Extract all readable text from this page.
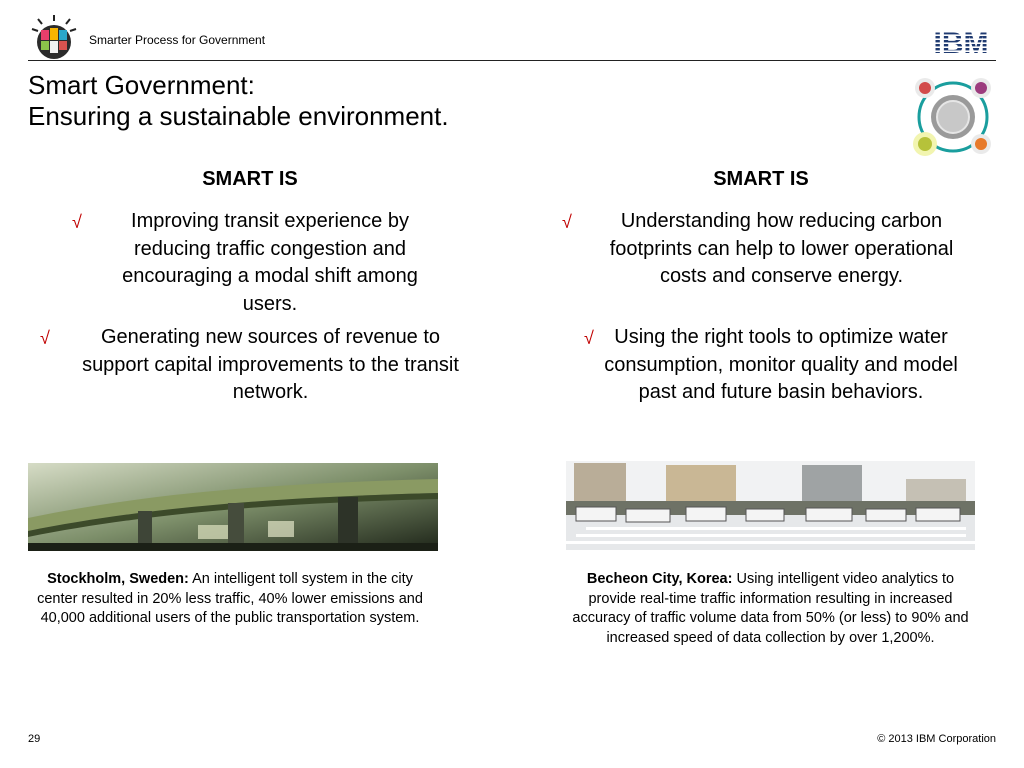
Smarter Process for Government	IBM
Smart Government:
Ensuring a sustainable environment.
SMART IS
√	Improving transit experience by reducing traffic congestion and encouraging a modal shift among users.
√	Generating new sources of revenue to support capital improvements to the transit network.
Stockholm, Sweden: An intelligent toll system in the city center resulted in 20% less traffic, 40% lower emissions and 40,000 additional users of the public transportation system.
SMART IS
√	Understanding how reducing carbon footprints can help to lower operational costs and conserve energy.
√	Using the right tools to optimize water consumption, monitor quality and model past and future basin behaviors.
Becheon City, Korea: Using intelligent video analytics to provide real-time traffic information resulting in increased accuracy of traffic volume data from 50% (or less) to 90% and increased speed of data collection by over 1,200%.
29	© 2013 IBM Corporation
